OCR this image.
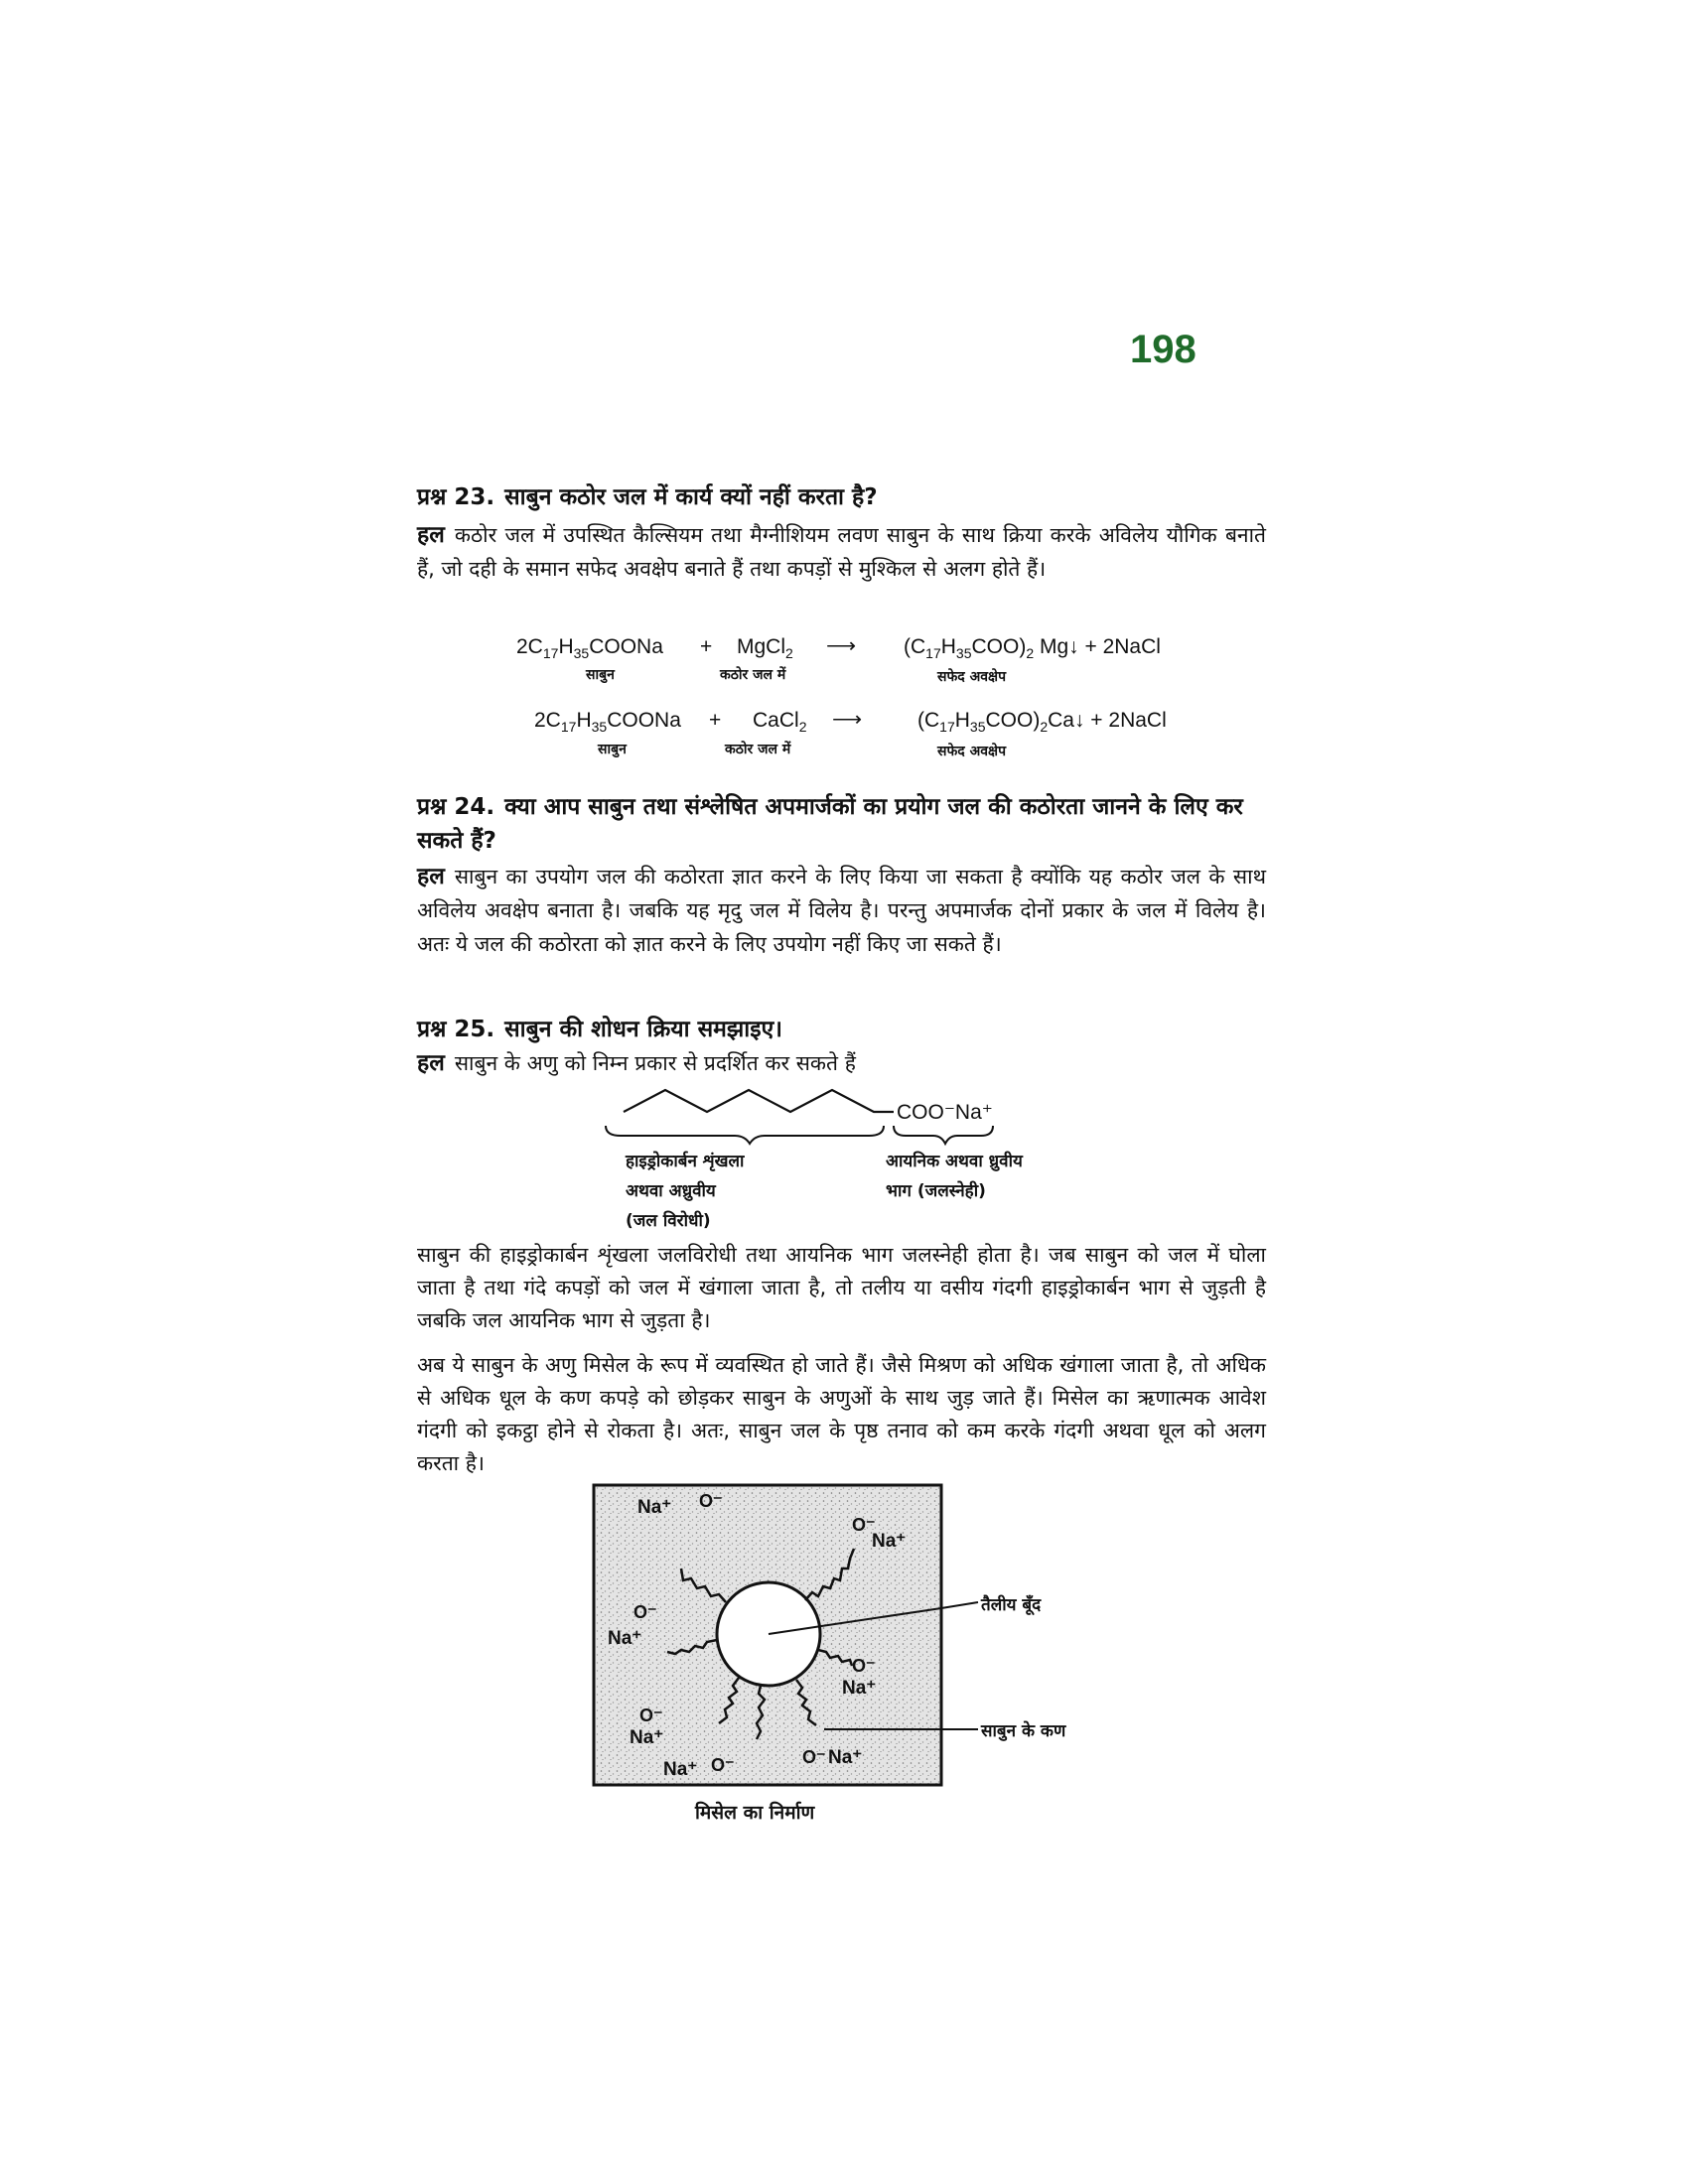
198

प्रश्न 23. साबुन कठोर जल में कार्य क्यों नहीं करता है?

हल कठोर जल में उपस्थित कैल्सियम तथा मैग्नीशियम लवण साबुन के साथ क्रिया करके अविलेय यौगिक बनाते हैं, जो दही के समान सफेद अवक्षेप बनाते हैं तथा कपड़ों से मुश्किल से अलग होते हैं।

$2C_{17}H_{35}COONa$ + MgCl$_2$ ⟶ $(C_{17}H_{35}COO)_2$ Mg↓ + 2NaCl
साबुन	कठोर जल में	सफेद अवक्षेप
$2C_{17}H_{35}COONa$ + CaCl$_2$ ⟶	$(C_{17}H_{35}COO)_2Ca↓$ + 2NaCl
साबुन	कठोर जल में	सफेद अवक्षेप

प्रश्न 24. क्या आप साबुन तथा संश्लेषित अपमार्जकों का प्रयोग जल की कठोरता जानने के लिए कर सकते हैं?

हल साबुन का उपयोग जल की कठोरता ज्ञात करने के लिए किया जा सकता है क्योंकि यह कठोर जल के साथ अविलेय अवक्षेप बनाता है। जबकि यह मृदु जल में विलेय है। परन्तु अपमार्जक दोनों प्रकार के जल में विलेय है। अतः ये जल की कठोरता को ज्ञात करने के लिए उपयोग नहीं किए जा सकते हैं।

प्रश्न 25. साबुन की शोधन क्रिया समझाइए।

हल साबुन के अणु को निम्न प्रकार से प्रदर्शित कर सकते हैं

COO⁻Na⁺
हाइड्रोकार्बन शृंखला
अथवा अध्रुवीय
(जल विरोधी)
आयनिक अथवा ध्रुवीय
भाग (जलस्नेही)

साबुन की हाइड्रोकार्बन शृंखला जलविरोधी तथा आयनिक भाग जलस्नेही होता है। जब साबुन को जल में घोला जाता है तथा गंदे कपड़ों को जल में खंगाला जाता है, तो तलीय या वसीय गंदगी हाइड्रोकार्बन भाग से जुड़ती है जबकि जल आयनिक भाग से जुड़ता है।

अब ये साबुन के अणु मिसेल के रूप में व्यवस्थित हो जाते हैं। जैसे मिश्रण को अधिक खंगाला जाता है, तो अधिक से अधिक धूल के कण कपड़े को छोड़कर साबुन के अणुओं के साथ जुड़ जाते हैं। मिसेल का ऋणात्मक आवेश गंदगी को इकट्ठा होने से रोकता है। अतः, साबुन जल के पृष्ठ तनाव को कम करके गंदगी अथवा धूल को अलग करता है।

Na⁺ O⁻
O⁻
Na⁺
O⁻
Na⁺
O⁻
Na⁺
O⁻
Na⁺
Na⁺ O⁻	O⁻ Na⁺
तैलीय बूँद
साबुन के कण
मिसेल का निर्माण
